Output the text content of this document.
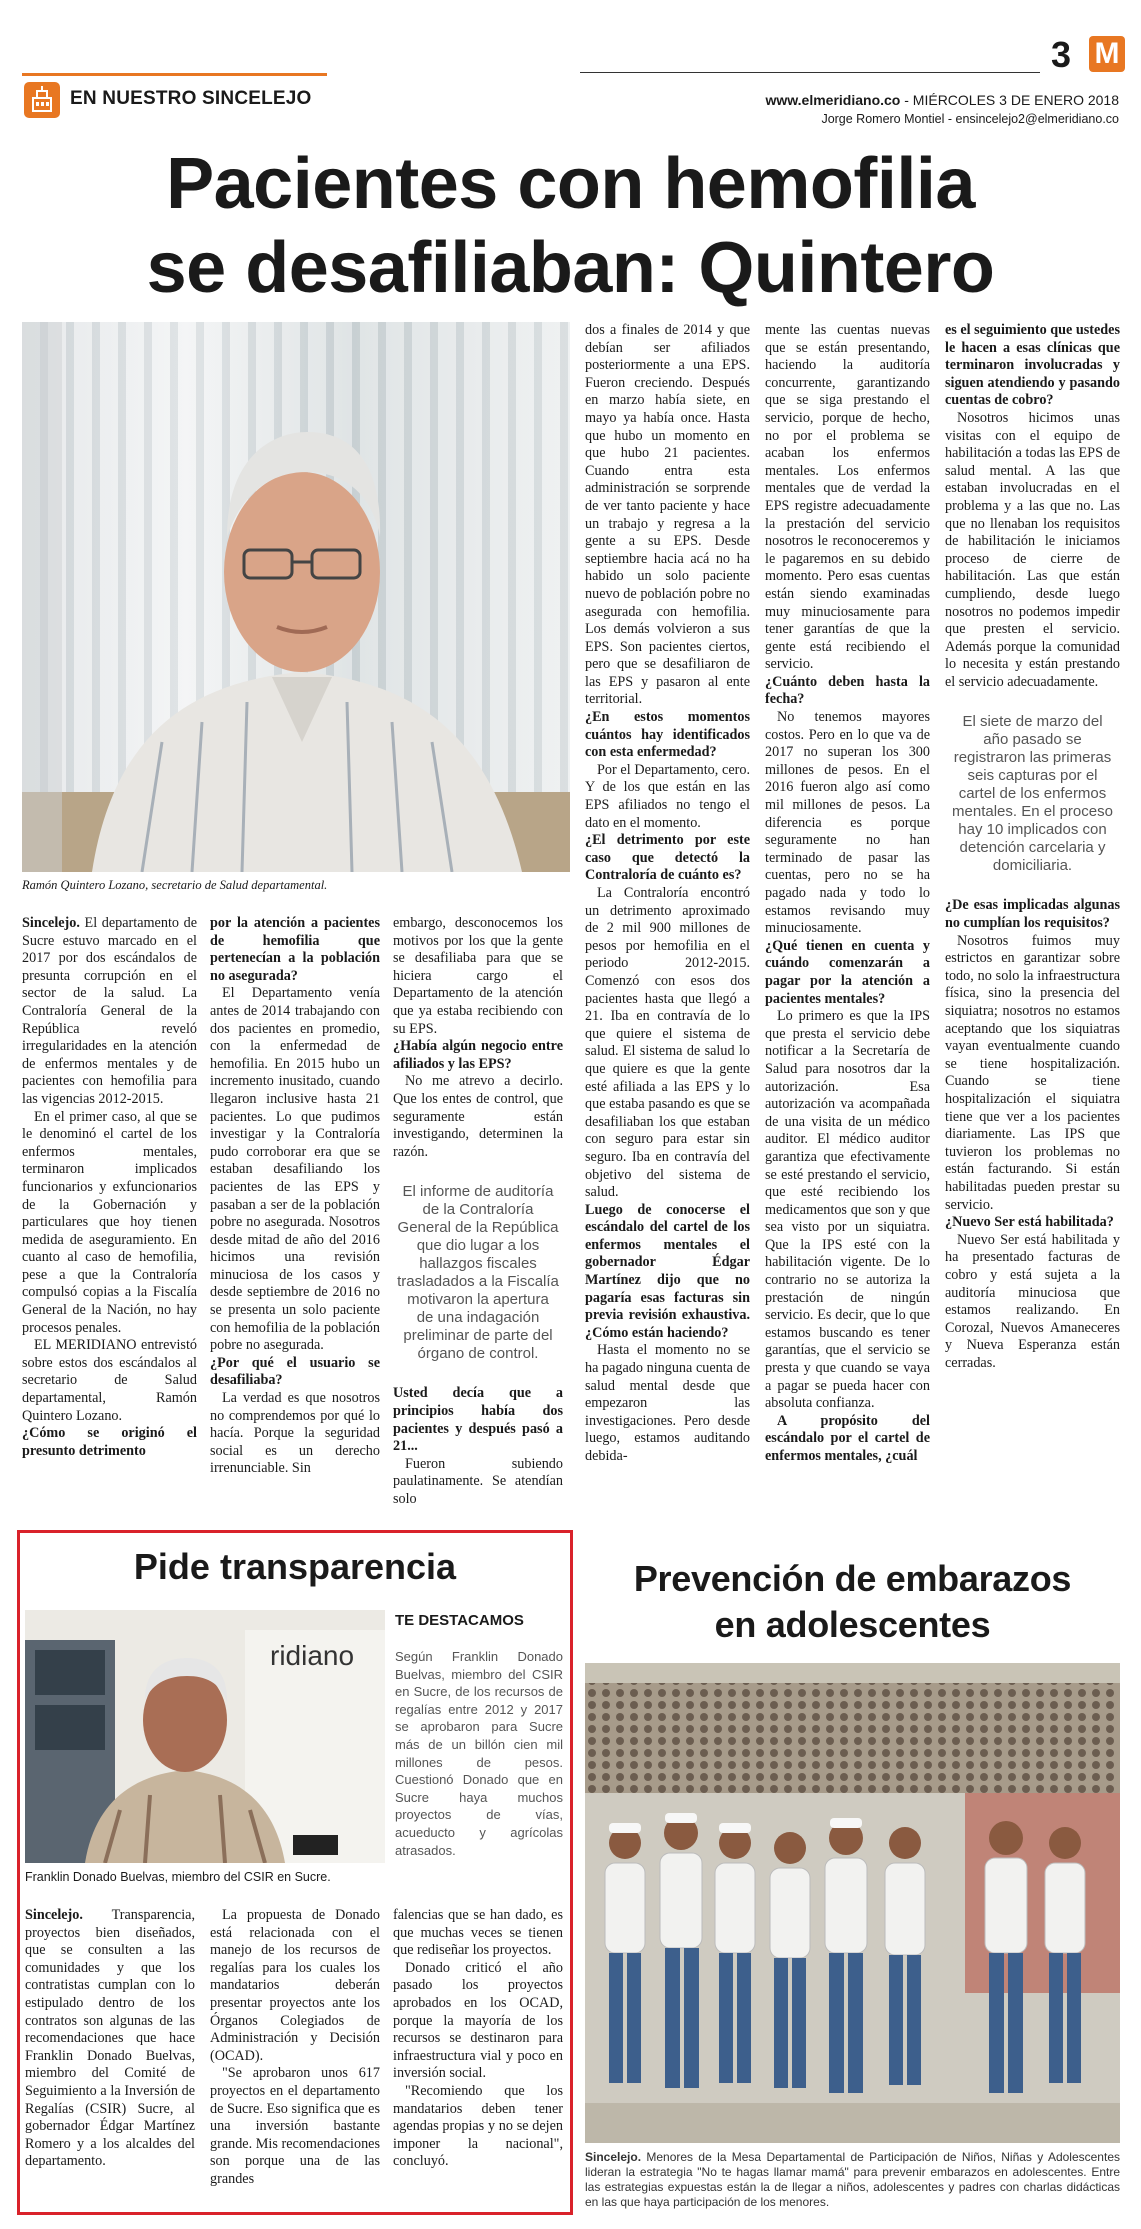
EN NUESTRO SINCELEJO
3 M
www.elmeridiano.co - MIÉRCOLES 3 DE ENERO 2018
Jorge Romero Montiel - ensincelejo2@elmeridiano.co
Pacientes con hemofilia
se desafiliaban: Quintero
Ramón Quintero Lozano, secretario de Salud departamental.

Sincelejo. El departamento de Sucre estuvo marcado en el 2017 por dos escándalos de presunta corrupción en el sector de la salud. La Contraloría General de la República reveló irregularidades en la atención de enfermos mentales y de pacientes con hemofilia para las vigencias 2012-2015.

En el primer caso, al que se le denominó el cartel de los enfermos mentales, terminaron implicados funcionarios y exfuncionarios de la Gobernación y particulares que hoy tienen medida de aseguramiento. En cuanto al caso de hemofilia, pese a que la Contraloría compulsó copias a la Fiscalía General de la Nación, no hay procesos penales.

EL MERIDIANO entrevistó sobre estos dos escándalos al secretario de Salud departamental, Ramón Quintero Lozano.

¿Cómo se originó el presunto detrimento

por la atención a pacientes de hemofilia que pertenecían a la población no asegurada?

El Departamento venía antes de 2014 trabajando con dos pacientes en promedio, con la enfermedad de hemofilia. En 2015 hubo un incremento inusitado, cuando llegaron inclusive hasta 21 pacientes. Lo que pudimos investigar y la Contraloría pudo corroborar era que se estaban desafiliando los pacientes de las EPS y pasaban a ser de la población pobre no asegurada. Nosotros desde mitad de año del 2016 hicimos una revisión minuciosa de los casos y desde septiembre de 2016 no se presenta un solo paciente con hemofilia de la población pobre no asegurada.

¿Por qué el usuario se desafiliaba?

La verdad es que nosotros no comprendemos por qué lo hacía. Porque la seguridad social es un derecho irrenunciable. Sin

embargo, desconocemos los motivos por los que la gente se desafiliaba para que se hiciera cargo el Departamento de la atención que ya estaba recibiendo con su EPS.

¿Había algún negocio entre afiliados y las EPS?

No me atrevo a decirlo. Que los entes de control, que seguramente están investigando, determinen la razón.

El informe de auditoría de la Contraloría General de la República que dio lugar a los hallazgos fiscales trasladados a la Fiscalía motivaron la apertura de una indagación preliminar de parte del órgano de control.

Usted decía que a principios había dos pacientes y después pasó a 21...

Fueron subiendo paulatinamente. Se atendían solo

dos a finales de 2014 y que debían ser afiliados posteriormente a una EPS. Fueron creciendo. Después en marzo había siete, en mayo ya había once. Hasta que hubo un momento en que hubo 21 pacientes. Cuando entra esta administración se sorprende de ver tanto paciente y hace un trabajo y regresa a la gente a su EPS. Desde septiembre hacia acá no ha habido un solo paciente nuevo de población pobre no asegurada con hemofilia. Los demás volvieron a sus EPS. Son pacientes ciertos, pero que se desafiliaron de las EPS y pasaron al ente territorial.

¿En estos momentos cuántos hay identificados con esta enfermedad?

Por el Departamento, cero. Y de los que están en las EPS afiliados no tengo el dato en el momento.

¿El detrimento por este caso que detectó la Contraloría de cuánto es?

La Contraloría encontró un detrimento aproximado de 2 mil 900 millones de pesos por hemofilia en el periodo 2012-2015. Comenzó con esos dos pacientes hasta que llegó a 21. Iba en contravía de lo que quiere el sistema de salud. El sistema de salud lo que quiere es que la gente esté afiliada a las EPS y lo que estaba pasando es que se desafiliaban los que estaban con seguro para estar sin seguro. Iba en contravía del objetivo del sistema de salud.

Luego de conocerse el escándalo del cartel de los enfermos mentales el gobernador Édgar Martínez dijo que no pagaría esas facturas sin previa revisión exhaustiva. ¿Cómo están haciendo?

Hasta el momento no se ha pagado ninguna cuenta de salud mental desde que empezaron las investigaciones. Pero desde luego, estamos auditando debida-

mente las cuentas nuevas que se están presentando, haciendo la auditoría concurrente, garantizando que se siga prestando el servicio, porque de hecho, no por el problema se acaban los enfermos mentales. Los enfermos mentales que de verdad la EPS registre adecuadamente la prestación del servicio nosotros le reconoceremos y le pagaremos en su debido momento. Pero esas cuentas están siendo examinadas muy minuciosamente para tener garantías de que la gente está recibiendo el servicio.

¿Cuánto deben hasta la fecha?

No tenemos mayores costos. Pero en lo que va de 2017 no superan los 300 millones de pesos. En el 2016 fueron algo así como mil millones de pesos. La diferencia es porque seguramente no han terminado de pasar las cuentas, pero no se ha pagado nada y todo lo estamos revisando muy minuciosamente.

¿Qué tienen en cuenta y cuándo comenzarán a pagar por la atención a pacientes mentales?

Lo primero es que la IPS que presta el servicio debe notificar a la Secretaría de Salud para nosotros dar la autorización. Esa autorización va acompañada de una visita de un médico auditor. El médico auditor garantiza que efectivamente se esté prestando el servicio, que esté recibiendo los medicamentos que son y que sea visto por un siquiatra. Que la IPS esté con la habilitación vigente. De lo contrario no se autoriza la prestación de ningún servicio. Es decir, que lo que estamos buscando es tener garantías, que el servicio se presta y que cuando se vaya a pagar se pueda hacer con absoluta confianza.

A propósito del escándalo por el cartel de enfermos mentales, ¿cuál

es el seguimiento que ustedes le hacen a esas clínicas que terminaron involucradas y siguen atendiendo y pasando cuentas de cobro?

Nosotros hicimos unas visitas con el equipo de habilitación a todas las EPS de salud mental. A las que estaban involucradas en el problema y a las que no. Las que no llenaban los requisitos de habilitación le iniciamos proceso de cierre de habilitación. Las que están cumpliendo, desde luego nosotros no podemos impedir que presten el servicio. Además porque la comunidad lo necesita y están prestando el servicio adecuadamente.

El siete de marzo del año pasado se registraron las primeras seis capturas por el cartel de los enfermos mentales. En el proceso hay 10 implicados con detención carcelaria y domiciliaria.

¿De esas implicadas algunas no cumplían los requisitos?

Nosotros fuimos muy estrictos en garantizar sobre todo, no solo la infraestructura física, sino la presencia del siquiatra; nosotros no estamos aceptando que los siquiatras vayan eventualmente cuando se tiene hospitalización. Cuando se tiene hospitalización el siquiatra tiene que ver a los pacientes diariamente. Las IPS que tuvieron los problemas no están facturando. Si están habilitadas pueden prestar su servicio.

¿Nuevo Ser está habilitada?

Nuevo Ser está habilitada y ha presentado facturas de cobro y está sujeta a la auditoría minuciosa que estamos realizando. En Corozal, Nuevos Amaneceres y Nueva Esperanza están cerradas.

Pide transparencia
ridiano
Franklin Donado Buelvas, miembro del CSIR en Sucre.
TE DESTACAMOS
Según Franklin Donado Buelvas, miembro del CSIR en Sucre, de los recursos de regalías entre 2012 y 2017 se aprobaron para Sucre más de un billón cien mil millones de pesos. Cuestionó Donado que en Sucre haya muchos proyectos de vías, acueducto y agrícolas atrasados.

Sincelejo. Transparencia, proyectos bien diseñados, que se consulten a las comunidades y que los contratistas cumplan con lo estipulado dentro de los contratos son algunas de las recomendaciones que hace Franklin Donado Buelvas, miembro del Comité de Seguimiento a la Inversión de Regalías (CSIR) Sucre, al gobernador Édgar Martínez Romero y a los alcaldes del departamento.

La propuesta de Donado está relacionada con el manejo de los recursos de regalías para los cuales los mandatarios deberán presentar proyectos ante los Órganos Colegiados de Administración y Decisión (OCAD).

"Se aprobaron unos 617 proyectos en el departamento de Sucre. Eso significa que es una inversión bastante grande. Mis recomendaciones son porque una de las grandes

falencias que se han dado, es que muchas veces se tienen que rediseñar los proyectos.

Donado criticó el año pasado los proyectos aprobados en los OCAD, porque la mayoría de los recursos se destinaron para infraestructura vial y poco en inversión social.

"Recomiendo que los mandatarios deben tener agendas propias y no se dejen imponer la nacional", concluyó.

Prevención de embarazos
en adolescentes
Sincelejo. Menores de la Mesa Departamental de Participación de Niños, Niñas y Adolescentes lideran la estrategia "No te hagas llamar mamá" para prevenir embarazos en adolescentes. Entre las estrategias expuestas están la de llegar a niños, adolescentes y padres con charlas didácticas en las que haya participación de los menores.
